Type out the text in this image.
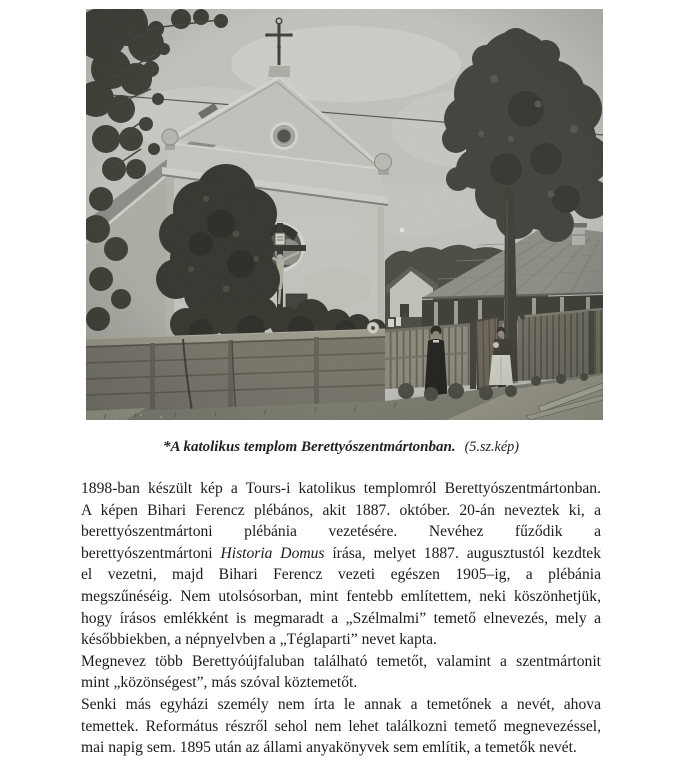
*A katolikus templom Berettyószentmártonban. (5.sz.kép)
1898-ban készült kép a Tours-i katolikus templomról Berettyószentmártonban.
A képen Bihari Ferencz plébános, akit 1887. október. 20-án neveztek ki, a
berettyószentmártoni plébánia vezetésére. Nevéhez fűződik a
berettyószentmártoni Historia Domus írása, melyet 1887. augusztustól kezdtek
el vezetni, majd Bihari Ferencz vezeti egészen 1905–ig, a plébánia
megszűnéséig. Nem utolsósorban, mint fentebb említettem, neki köszönhetjük,
hogy írásos emlékként is megmaradt a „Szélmalmi” temető elnevezés, mely a
későbbiekben, a népnyelvben a „Téglaparti” nevet kapta.
Megnevez több Berettyóújfaluban található temetőt, valamint a szentmártonit
mint „közönségest”, más szóval köztemetőt.
Senki más egyházi személy nem írta le annak a temetőnek a nevét, ahova
temettek. Református részről sehol nem lehet találkozni temető megnevezéssel,
mai napig sem. 1895 után az állami anyakönyvek sem említik, a temetők nevét.
